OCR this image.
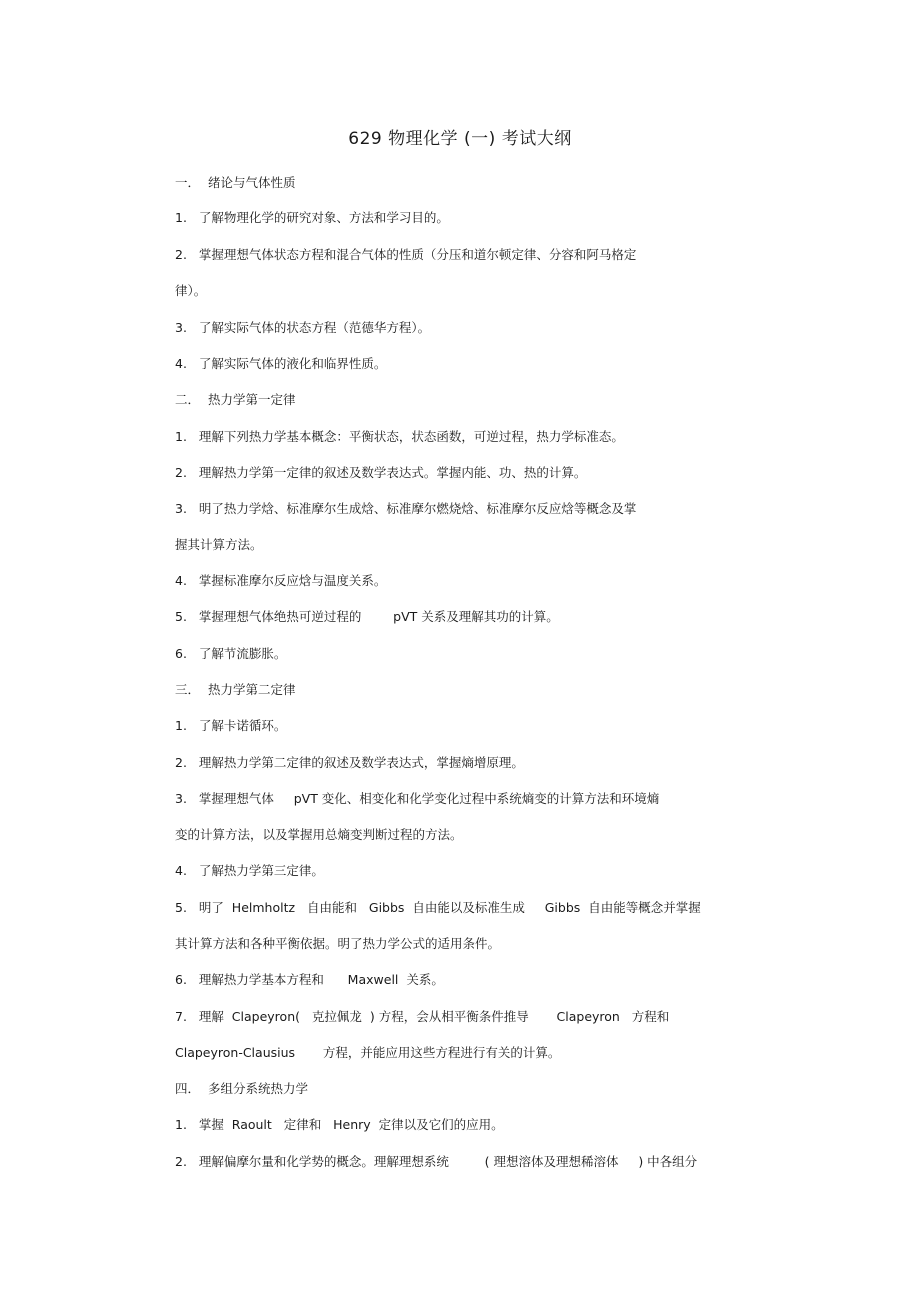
629 物理化学 (一) 考试大纲
一．  绪论与气体性质
1.   了解物理化学的研究对象、方法和学习目的。
2.   掌握理想气体状态方程和混合气体的性质（分压和道尔顿定律、分容和阿马格定
律）。
3.   了解实际气体的状态方程（范德华方程）。
4.   了解实际气体的液化和临界性质。
二．  热力学第一定律
1.   理解下列热力学基本概念：平衡状态，状态函数，可逆过程，热力学标准态。
2.   理解热力学第一定律的叙述及数学表达式。掌握内能、功、热的计算。
3.   明了热力学焓、标准摩尔生成焓、标准摩尔燃烧焓、标准摩尔反应焓等概念及掌
握其计算方法。
4.   掌握标准摩尔反应焓与温度关系。
5.   掌握理想气体绝热可逆过程的        pVT 关系及理解其功的计算。
6.   了解节流膨胀。
三．  热力学第二定律
1.   了解卡诺循环。
2.   理解热力学第二定律的叙述及数学表达式，掌握熵增原理。
3.   掌握理想气体     pVT 变化、相变化和化学变化过程中系统熵变的计算方法和环境熵
变的计算方法，以及掌握用总熵变判断过程的方法。
4.   了解热力学第三定律。
5.   明了  Helmholtz   自由能和   Gibbs  自由能以及标准生成     Gibbs  自由能等概念并掌握
其计算方法和各种平衡依据。明了热力学公式的适用条件。
6.   理解热力学基本方程和      Maxwell  关系。
7.   理解  Clapeyron(   克拉佩龙  ) 方程，会从相平衡条件推导       Clapeyron   方程和
Clapeyron-Clausius       方程，并能应用这些方程进行有关的计算。
四．  多组分系统热力学
1.   掌握  Raoult   定律和   Henry  定律以及它们的应用。
2.   理解偏摩尔量和化学势的概念。理解理想系统         ( 理想溶体及理想稀溶体     ) 中各组分
